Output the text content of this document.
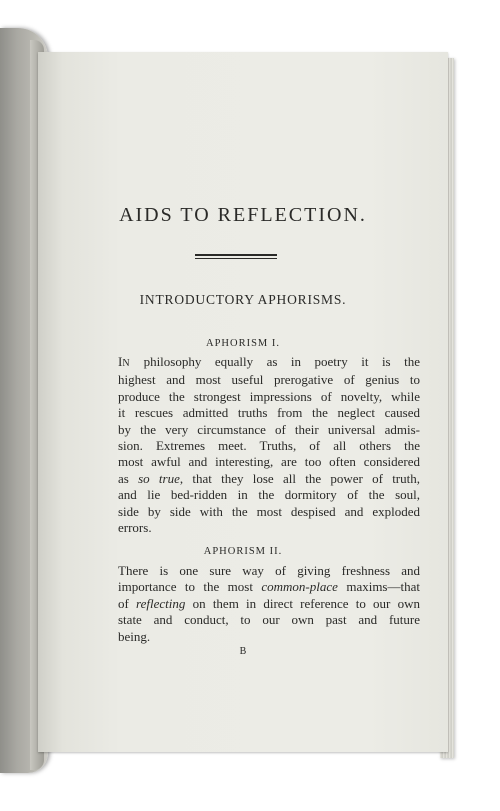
AIDS TO REFLECTION.
INTRODUCTORY APHORISMS.
APHORISM I.
IN philosophy equally as in poetry it is the
highest and most useful prerogative of genius to
produce the strongest impressions of novelty, while
it rescues admitted truths from the neglect caused
by the very circumstance of their universal admis-
sion. Extremes meet. Truths, of all others the
most awful and interesting, are too often considered
as so true, that they lose all the power of truth,
and lie bed-ridden in the dormitory of the soul,
side by side with the most despised and exploded
errors.
APHORISM II.
There is one sure way of giving freshness and
importance to the most common-place maxims—that
of reflecting on them in direct reference to our own
state and conduct, to our own past and future
being.
B
